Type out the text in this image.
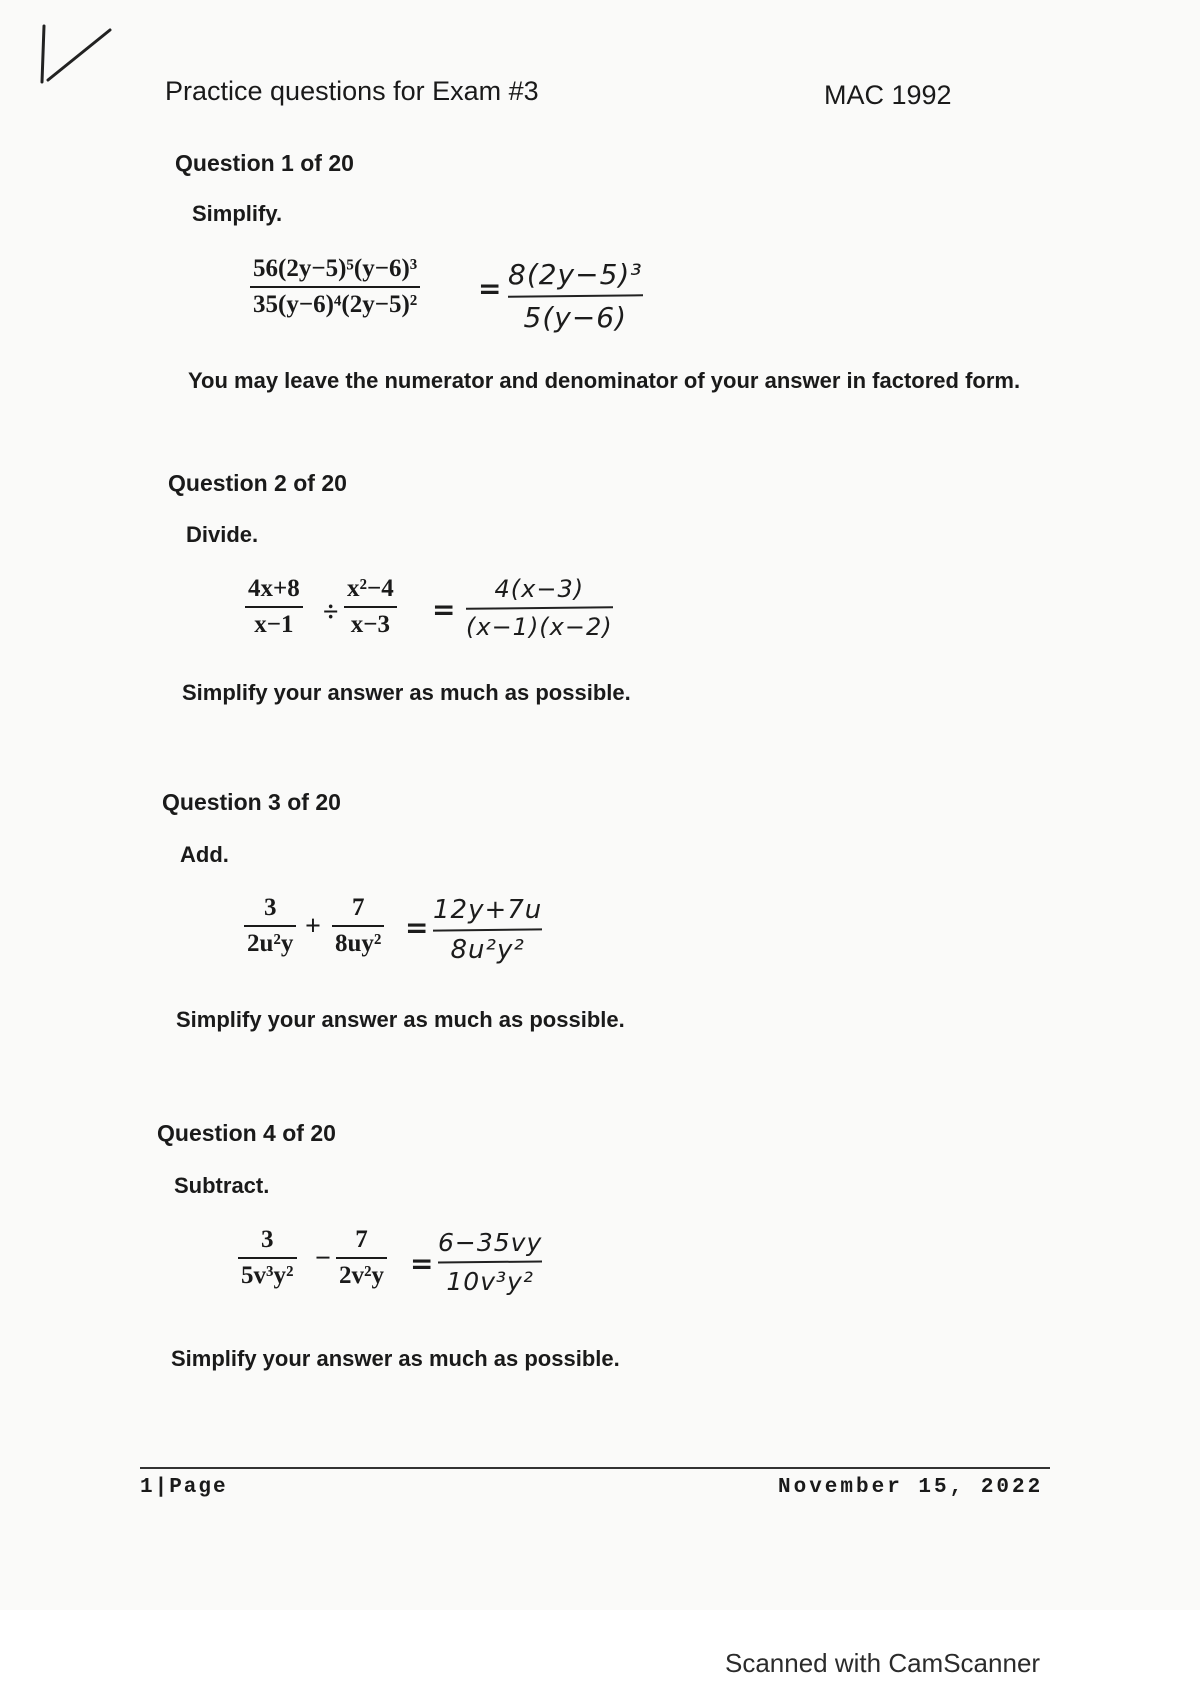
Practice questions for Exam #3	MAC 1992
Question 1 of 20
Simplify.
56(2y−5)⁵(y−6)³
35(y−6)⁴(2y−5)² = 8(2y−5)³
5(y−6)
You may leave the numerator and denominator of your answer in factored form.
Question 2 of 20
Divide.
4x+8
x−1 ÷
x²−4
x−3 =
4(x−3)
(x−1)(x−2)
Simplify your answer as much as possible.
Question 3 of 20
Add.
3
2u²y
+
7
8uy² =
12y+7u
8u²y²
Simplify your answer as much as possible.
Question 4 of 20
Subtract.
3
5v³y²
−
7
2v²y =
6−35vy
10v³y²
Simplify your answer as much as possible.
1|Page	November 15, 2022
Scanned with CamScanner
